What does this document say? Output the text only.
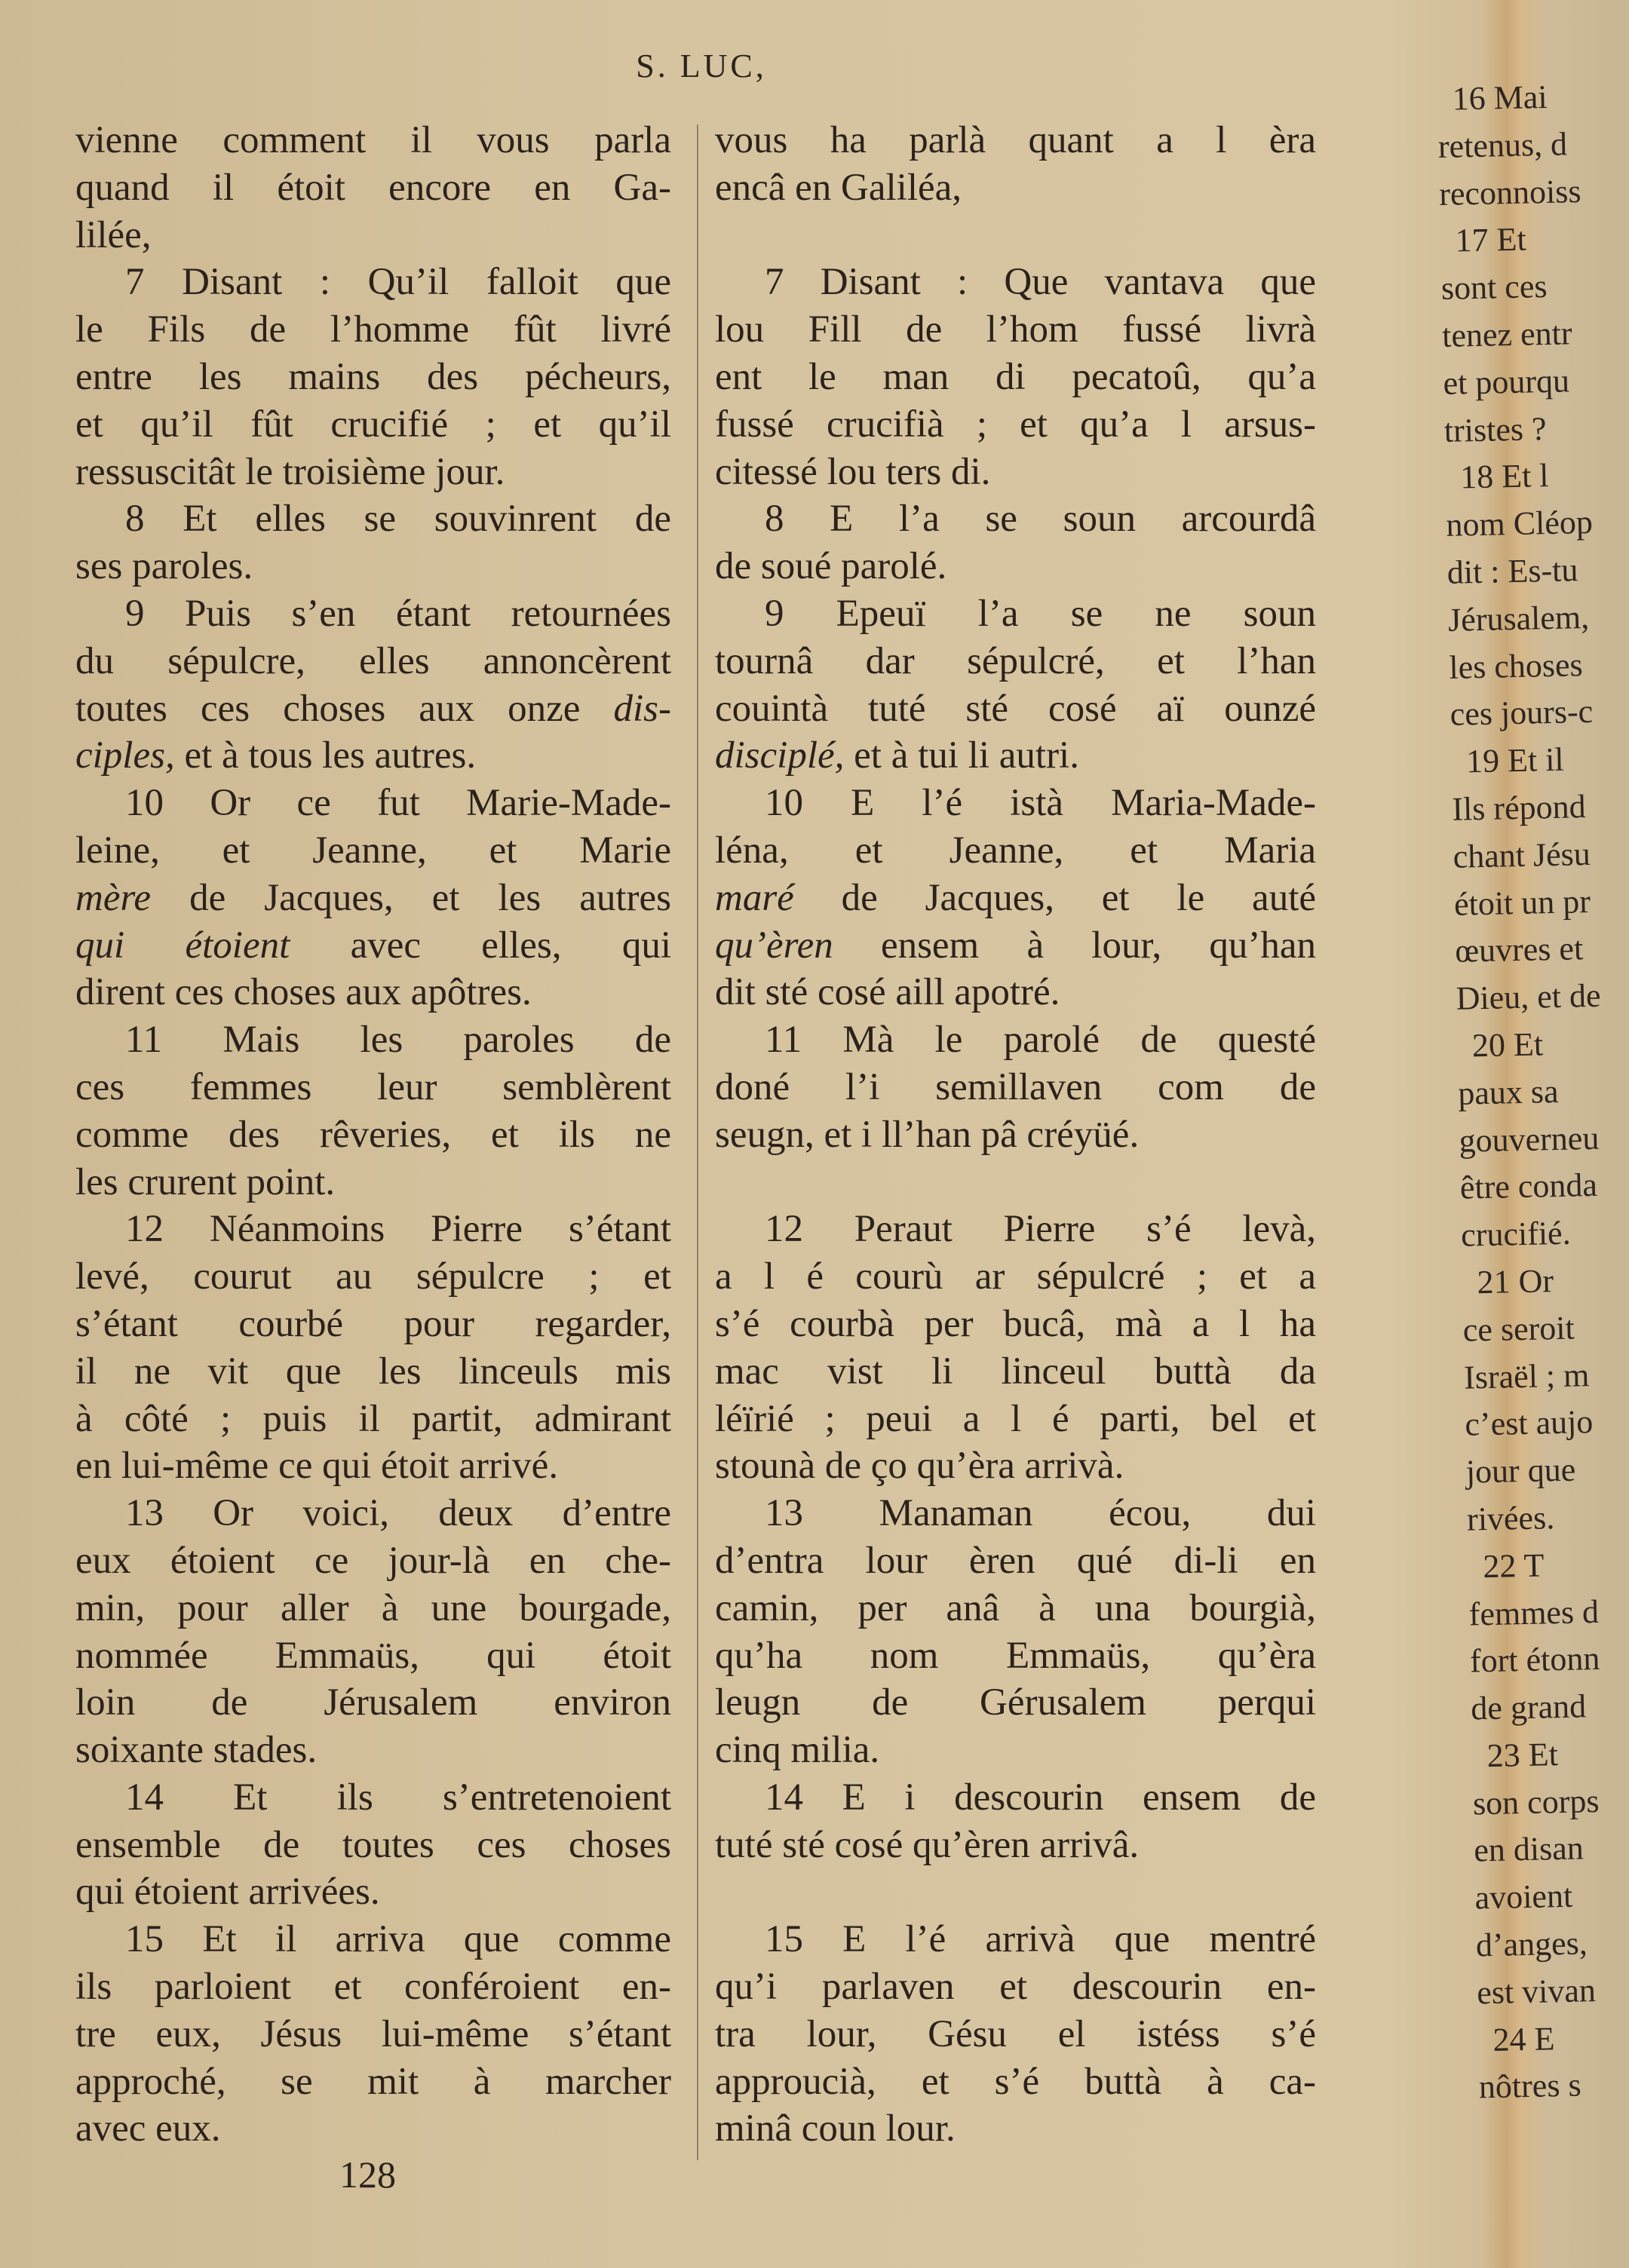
S. LUC,
vienne comment il vous parla
quand il étoit encore en Ga-
lilée,
7 Disant : Qu’il falloit que
le Fils de l’homme fût livré
entre les mains des pécheurs,
et qu’il fût crucifié ; et qu’il
ressuscitât le troisième jour.
8 Et elles se souvinrent de
ses paroles.
9 Puis s’en étant retournées
du sépulcre, elles annoncèrent
toutes ces choses aux onze dis-
ciples, et à tous les autres.
10 Or ce fut Marie-Made-
leine, et Jeanne, et Marie
mère de Jacques, et les autres
qui étoient avec elles, qui
dirent ces choses aux apôtres.
11 Mais les paroles de
ces femmes leur semblèrent
comme des rêveries, et ils ne
les crurent point.
12 Néanmoins Pierre s’étant
levé, courut au sépulcre ; et
s’étant courbé pour regarder,
il ne vit que les linceuls mis
à côté ; puis il partit, admirant
en lui-même ce qui étoit arrivé.
13 Or voici, deux d’entre
eux étoient ce jour-là en che-
min, pour aller à une bourgade,
nommée Emmaüs, qui étoit
loin de Jérusalem environ
soixante stades.
14 Et ils s’entretenoient
ensemble de toutes ces choses
qui étoient arrivées.
15 Et il arriva que comme
ils parloient et conféroient en-
tre eux, Jésus lui-même s’étant
approché, se mit à marcher
avec eux.
vous ha parlà quant a l èra
encâ en Galiléa,

7 Disant : Que vantava que
lou Fill de l’hom fussé livrà
ent le man di pecatoû, qu’a
fussé crucifià ; et qu’a l arsus-
citessé lou ters di.
8 E l’a se soun arcourdâ
de soué parolé.
9 Epeuï l’a se ne soun
tournâ dar sépulcré, et l’han
couintà tuté sté cosé aï ounzé
disciplé, et à tui li autri.
10 E l’é istà Maria-Made-
léna, et Jeanne, et Maria
maré de Jacques, et le auté
qu’èren ensem à lour, qu’han
dit sté cosé aill apotré.
11 Mà le parolé de questé
doné l’i semillaven com de
seugn, et i ll’han pâ créyüé.

12 Peraut Pierre s’é levà,
a l é courù ar sépulcré ; et a
s’é courbà per bucâ, mà a l ha
mac vist li linceul buttà da
léïrié ; peui a l é parti, bel et
stounà de ço qu’èra arrivà.
13 Manaman écou, dui
d’entra lour èren qué di-li en
camin, per anâ à una bourgià,
qu’ha nom Emmaüs, qu’èra
leugn de Gérusalem perqui
cinq milia.
14 E i descourin ensem de
tuté sté cosé qu’èren arrivâ.

15 E l’é arrivà que mentré
qu’i parlaven et descourin en-
tra lour, Gésu el istéss s’é
approucià, et s’é buttà à ca-
minâ coun lour.
128
16 Mai
retenus, d
reconnoiss
17 Et
sont ces
tenez entr
et pourqu
tristes ?
18 Et l
nom Cléop
dit : Es-tu
Jérusalem,
les choses
ces jours-c
19 Et il
Ils répond
chant Jésu
étoit un pr
œuvres et
Dieu, et de
20 Et
paux sa
gouverneu
être conda
crucifié.
21 Or
ce seroit
Israël ; m
c’est aujo
jour que
rivées.
22 T
femmes d
fort étonn
de grand
23 Et
son corps
en disan
avoient
d’anges,
est vivan
24 E
nôtres s
